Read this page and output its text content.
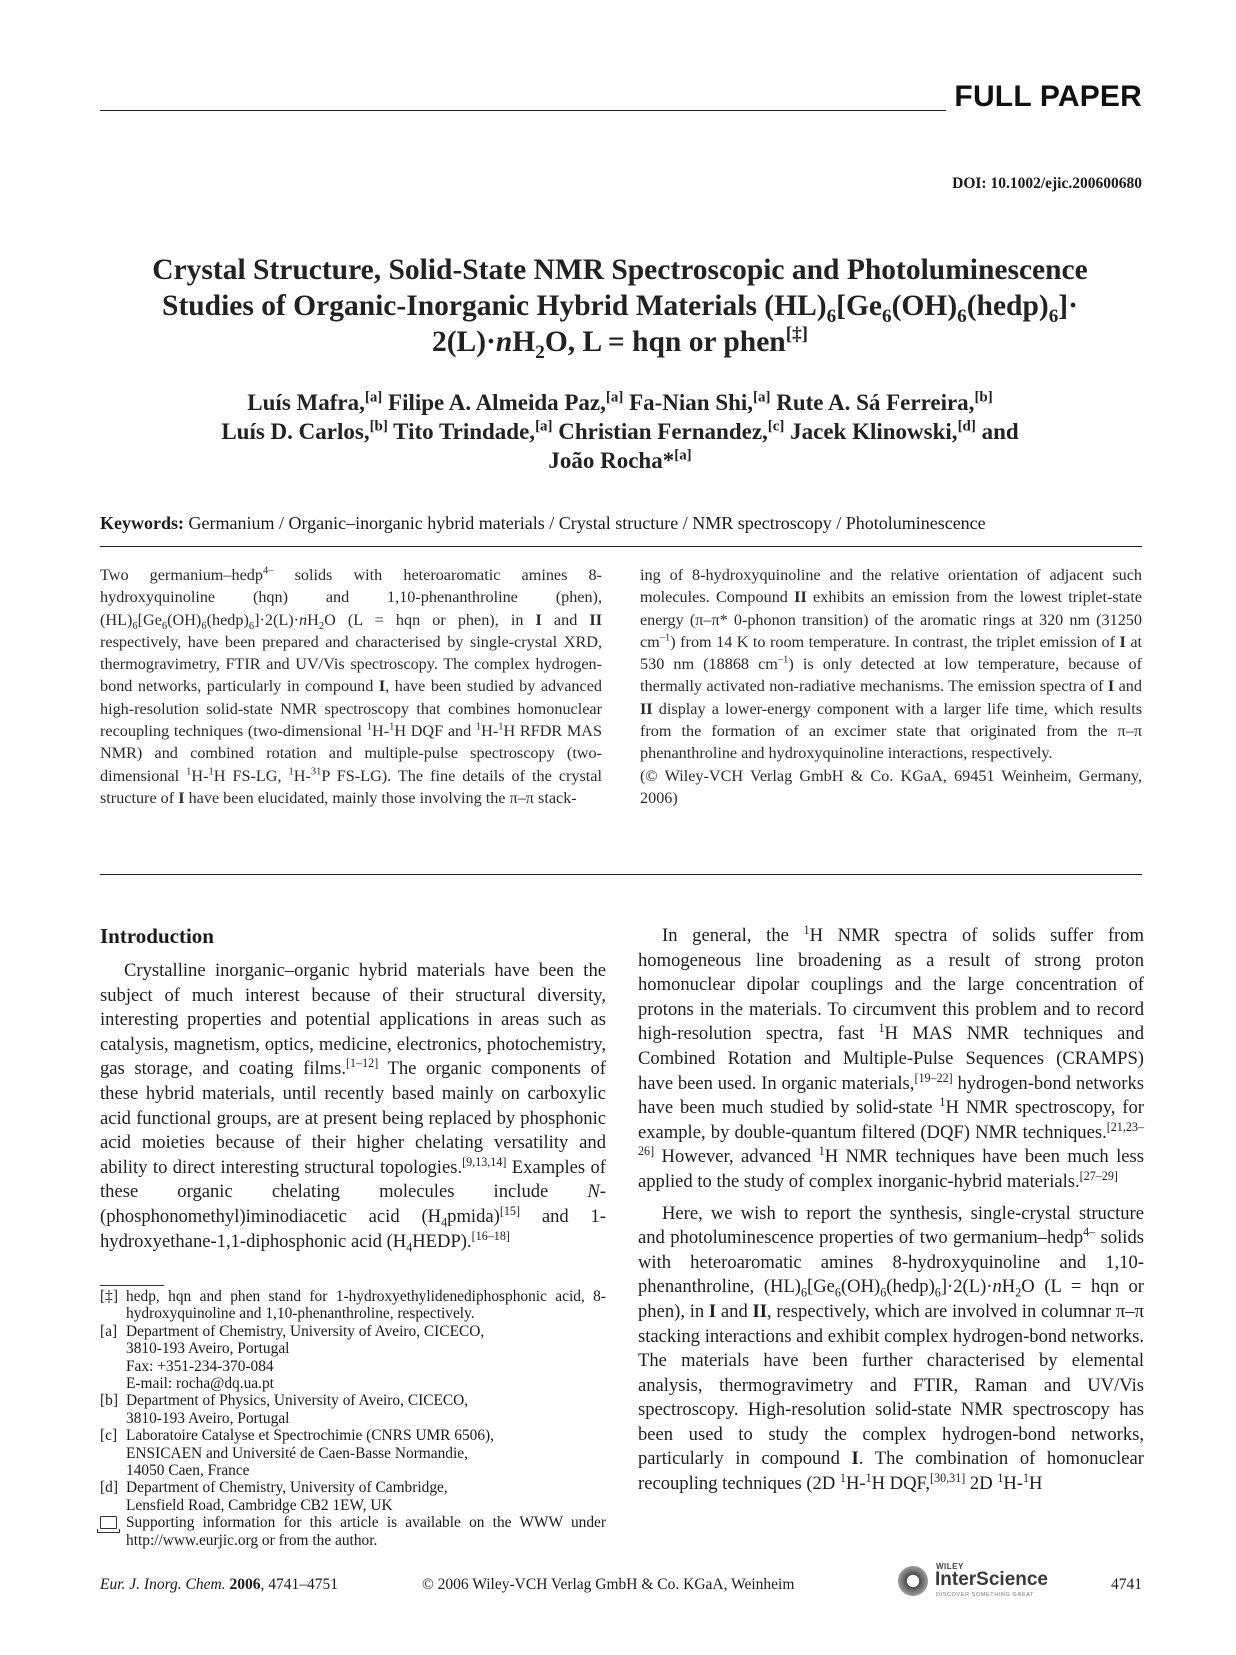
FULL PAPER
DOI: 10.1002/ejic.200600680
Crystal Structure, Solid-State NMR Spectroscopic and Photoluminescence
Studies of Organic-Inorganic Hybrid Materials $(HL)_6[Ge_6(OH)_6(hedp)_6]\cdot$
$2(L)\cdot nH_2O$, L = hqn or phen[‡]
Luís Mafra,[a] Filipe A. Almeida Paz,[a] Fa-Nian Shi,[a] Rute A. Sá Ferreira,[b]
Luís D. Carlos,[b] Tito Trindade,[a] Christian Fernandez,[c] Jacek Klinowski,[d] and
João Rocha*[a]
Keywords: Germanium / Organic–inorganic hybrid materials / Crystal structure / NMR spectroscopy / Photoluminescence

Two germanium–hedp$^{4-}$ solids with heteroaromatic amines 8-hydroxyquinoline (hqn) and 1,10-phenanthroline (phen), $(HL)_6[Ge_6(OH)_6(hedp)_6]\cdot 2(L)\cdot nH_2O$ (L = hqn or phen), in I and II respectively, have been prepared and characterised by single-crystal XRD, thermogravimetry, FTIR and UV/Vis spectroscopy. The complex hydrogen-bond networks, particularly in compound I, have been studied by advanced high-resolution solid-state NMR spectroscopy that combines homonuclear recoupling techniques (two-dimensional $^1$H-$^1$H DQF and $^1$H-$^1$H RFDR MAS NMR) and combined rotation and multiple-pulse spectroscopy (two-dimensional $^1$H-$^1$H FS-LG, $^1$H-$^{31}$P FS-LG). The fine details of the crystal structure of I have been elucidated, mainly those involving the π–π stack-

ing of 8-hydroxyquinoline and the relative orientation of adjacent such molecules. Compound II exhibits an emission from the lowest triplet-state energy (π–π* 0-phonon transition) of the aromatic rings at 320 nm (31250 $cm^{-1}$) from 14 K to room temperature. In contrast, the triplet emission of I at 530 nm (18868 $cm^{-1}$) is only detected at low temperature, because of thermally activated non-radiative mechanisms. The emission spectra of I and II display a lower-energy component with a larger life time, which results from the formation of an excimer state that originated from the π–π phenanthroline and hydroxyquinoline interactions, respectively.
(© Wiley-VCH Verlag GmbH & Co. KGaA, 69451 Weinheim, Germany, 2006)

Introduction

Crystalline inorganic–organic hybrid materials have been the subject of much interest because of their structural diversity, interesting properties and potential applications in areas such as catalysis, magnetism, optics, medicine, electronics, photochemistry, gas storage, and coating films.[1–12] The organic components of these hybrid materials, until recently based mainly on carboxylic acid functional groups, are at present being replaced by phosphonic acid moieties because of their higher chelating versatility and ability to direct interesting structural topologies.[9,13,14] Examples of these organic chelating molecules include N-(phosphonomethyl)iminodiacetic acid $(H_4pmida)[15]$ and 1-hydroxyethane-1,1-diphosphonic acid $(H_4HEDP).[16-18]$

In general, the $^1$H NMR spectra of solids suffer from homogeneous line broadening as a result of strong proton homonuclear dipolar couplings and the large concentration of protons in the materials. To circumvent this problem and to record high-resolution spectra, fast $^1$H MAS NMR techniques and Combined Rotation and Multiple-Pulse Sequences (CRAMPS) have been used. In organic materials,[19–22] hydrogen-bond networks have been much studied by solid-state $^1$H NMR spectroscopy, for example, by double-quantum filtered (DQF) NMR techniques.[21,23–26] However, advanced $^1$H NMR techniques have been much less applied to the study of complex inorganic-hybrid materials.[27–29]

Here, we wish to report the synthesis, single-crystal structure and photoluminescence properties of two germanium–hedp$^{4-}$ solids with heteroaromatic amines 8-hydroxyquinoline and 1,10-phenanthroline, $(HL)_6[Ge_6(OH)_6(hedp)_6]\cdot 2(L)\cdot nH_2O$ (L = hqn or phen), in I and II, respectively, which are involved in columnar π–π stacking interactions and exhibit complex hydrogen-bond networks. The materials have been further characterised by elemental analysis, thermogravimetry and FTIR, Raman and UV/Vis spectroscopy. High-resolution solid-state NMR spectroscopy has been used to study the complex hydrogen-bond networks, particularly in compound I. The combination of homonuclear recoupling techniques (2D $^1$H-$^1$H DQF,[30,31] 2D $^1$H-$^1$H

[‡] hedp, hqn and phen stand for 1-hydroxyethylidenediphosphonic acid, 8-hydroxyquinoline and 1,10-phenanthroline, respectively.
[a] Department of Chemistry, University of Aveiro, CICECO,
3810-193 Aveiro, Portugal
Fax: +351-234-370-084
E-mail: rocha@dq.ua.pt
[b] Department of Physics, University of Aveiro, CICECO,
3810-193 Aveiro, Portugal
[c] Laboratoire Catalyse et Spectrochimie (CNRS UMR 6506),
ENSICAEN and Université de Caen-Basse Normandie,
14050 Caen, France
[d] Department of Chemistry, University of Cambridge,
Lensfield Road, Cambridge CB2 1EW, UK
Supporting information for this article is available on the WWW under http://www.eurjic.org or from the author.
Eur. J. Inorg. Chem. 2006, 4741–4751	© 2006 Wiley-VCH Verlag GmbH & Co. KGaA, Weinheim
WILEY
InterScience
DISCOVER SOMETHING GREAT
4741
